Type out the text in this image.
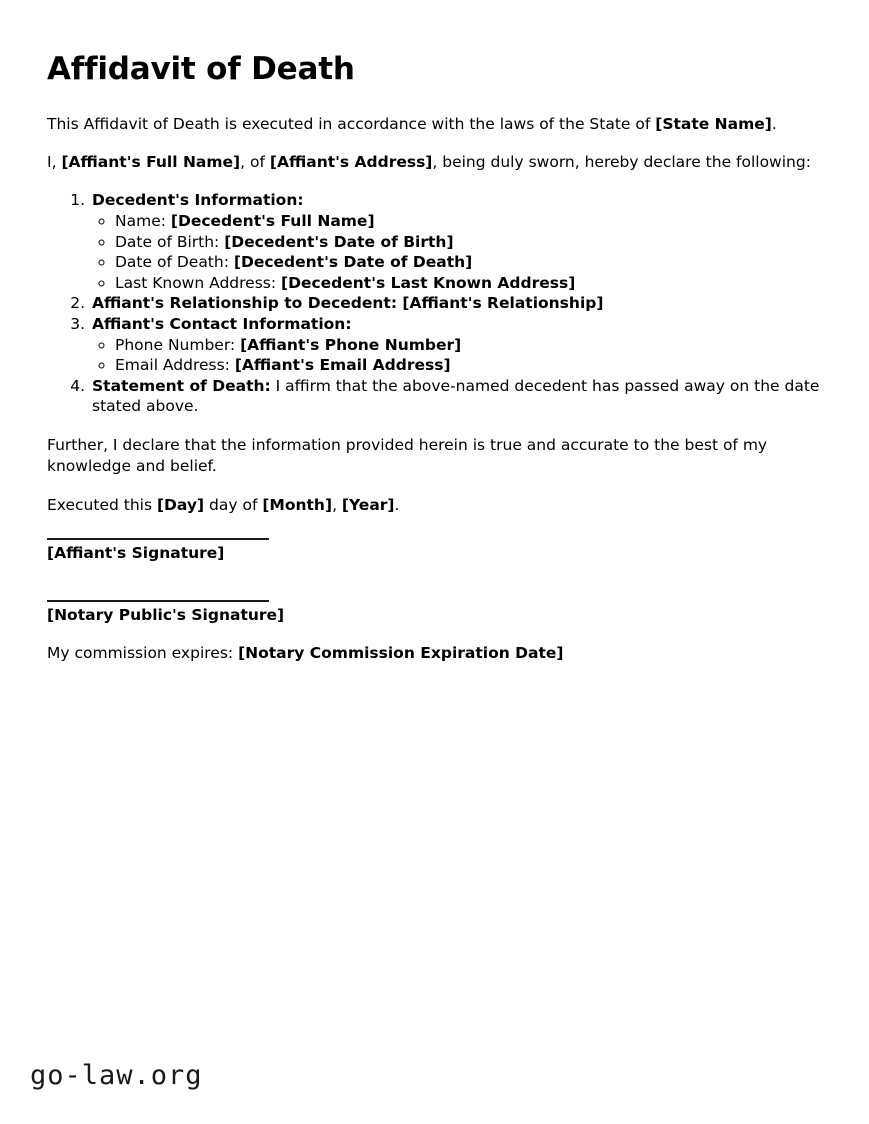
Affidavit of Death

This Affidavit of Death is executed in accordance with the laws of the State of [State Name].

I, [Affiant's Full Name], of [Affiant's Address], being duly sworn, hereby declare the following:

1. Decedent's Information:
◦ Name: [Decedent's Full Name]
◦ Date of Birth: [Decedent's Date of Birth]
◦ Date of Death: [Decedent's Date of Death]
◦ Last Known Address: [Decedent's Last Known Address]
2. Affiant's Relationship to Decedent: [Affiant's Relationship]
3. Affiant's Contact Information:
◦ Phone Number: [Affiant's Phone Number]
◦ Email Address: [Affiant's Email Address]
4. Statement of Death: I affirm that the above-named decedent has passed away on the date stated above.

Further, I declare that the information provided herein is true and accurate to the best of my knowledge and belief.

Executed this [Day] day of [Month], [Year].

[Affiant's Signature]
[Notary Public's Signature]

My commission expires: [Notary Commission Expiration Date]

go-law.org
